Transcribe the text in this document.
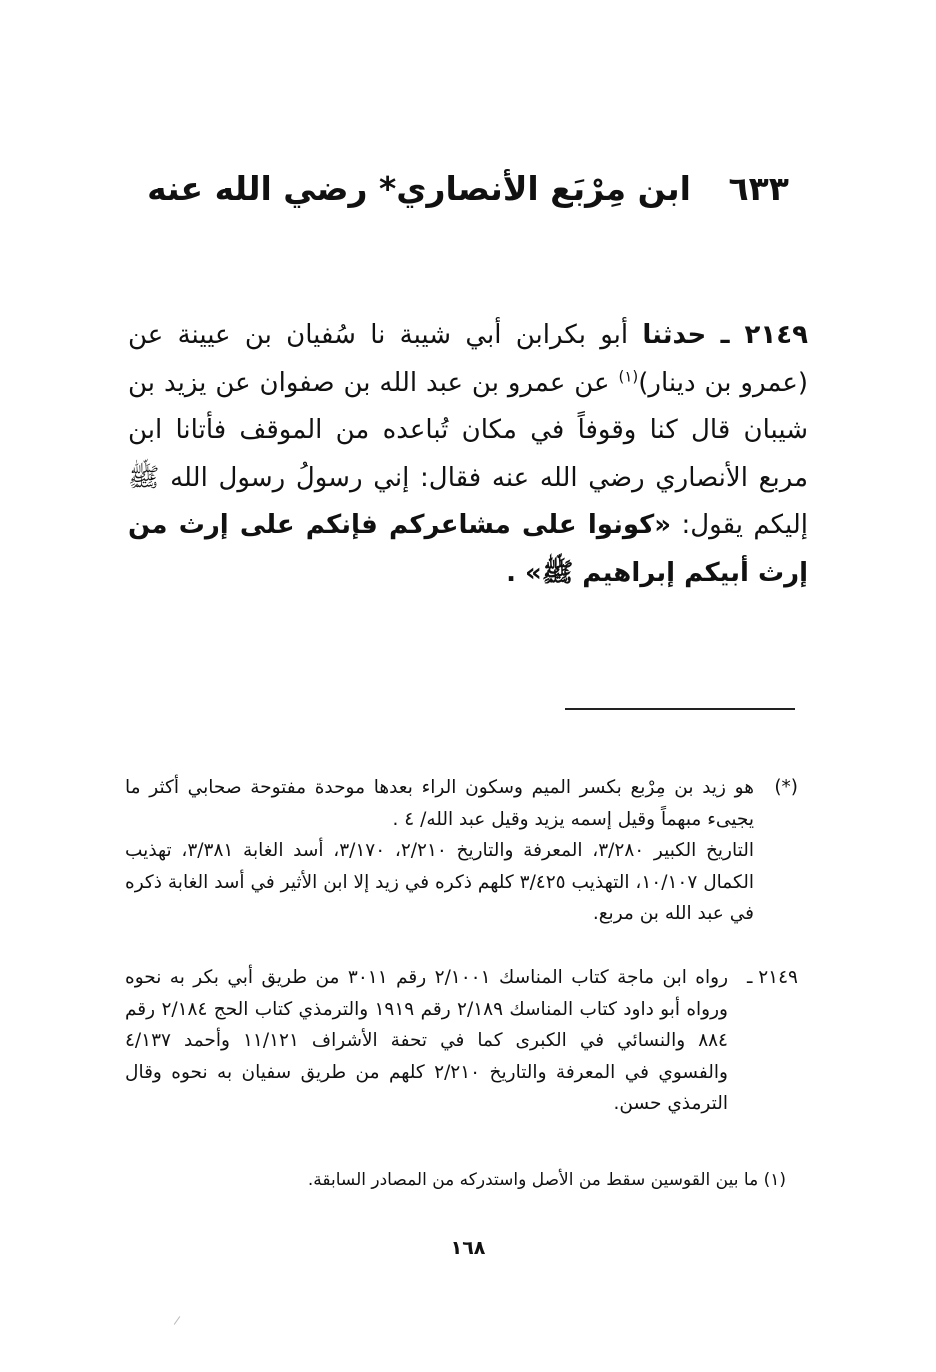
٦٣٣ ابن مِرْبَع الأنصاري* رضي الله عنه
٢١٤٩ ـ حدثنا أبو بكرابن أبي شيبة نا سُفيان بن عيينة عن (عمرو بن دينار)$^{(١)}$ عن عمرو بن عبد الله بن صفوان عن يزيد بن شيبان قال كنا وقوفاً في مكان تُباعده من الموقف فأتانا ابن مربع الأنصاري رضي الله عنه فقال: إني رسولُ رسول الله ﷺ إليكم يقول: «كونوا على مشاعركم فإنكم على إرث من إرث أبيكم إبراهيم ﷺ» .
(*)
هو زيد بن مِرْبع بكسر الميم وسكون الراء بعدها موحدة مفتوحة صحابي أكثر ما يجيىء مبهماً وقيل إسمه يزيد وقيل عبد الله/ ٤ .
التاريخ الكبير ٣/٢٨٠، المعرفة والتاريخ ٢/٢١٠، ٣/١٧٠، أسد الغابة ٣/٣٨١، تهذيب الكمال ١٠/١٠٧، التهذيب ٣/٤٢٥ كلهم ذكره في زيد إلا ابن الأثير في أسد الغابة ذكره في عبد الله بن مربع.
٢١٤٩ ـ
رواه ابن ماجة كتاب المناسك ٢/١٠٠١ رقم ٣٠١١ من طريق أبي بكر به نحوه ورواه أبو داود كتاب المناسك ٢/١٨٩ رقم ١٩١٩ والترمذي كتاب الحج ٢/١٨٤ رقم ٨٨٤ والنسائي في الكبرى كما في تحفة الأشراف ١١/١٢١ وأحمد ٤/١٣٧ والفسوي في المعرفة والتاريخ ٢/٢١٠ كلهم من طريق سفيان به نحوه وقال الترمذي حسن.
(١) ما بين القوسين سقط من الأصل واستدركه من المصادر السابقة.
١٦٨
